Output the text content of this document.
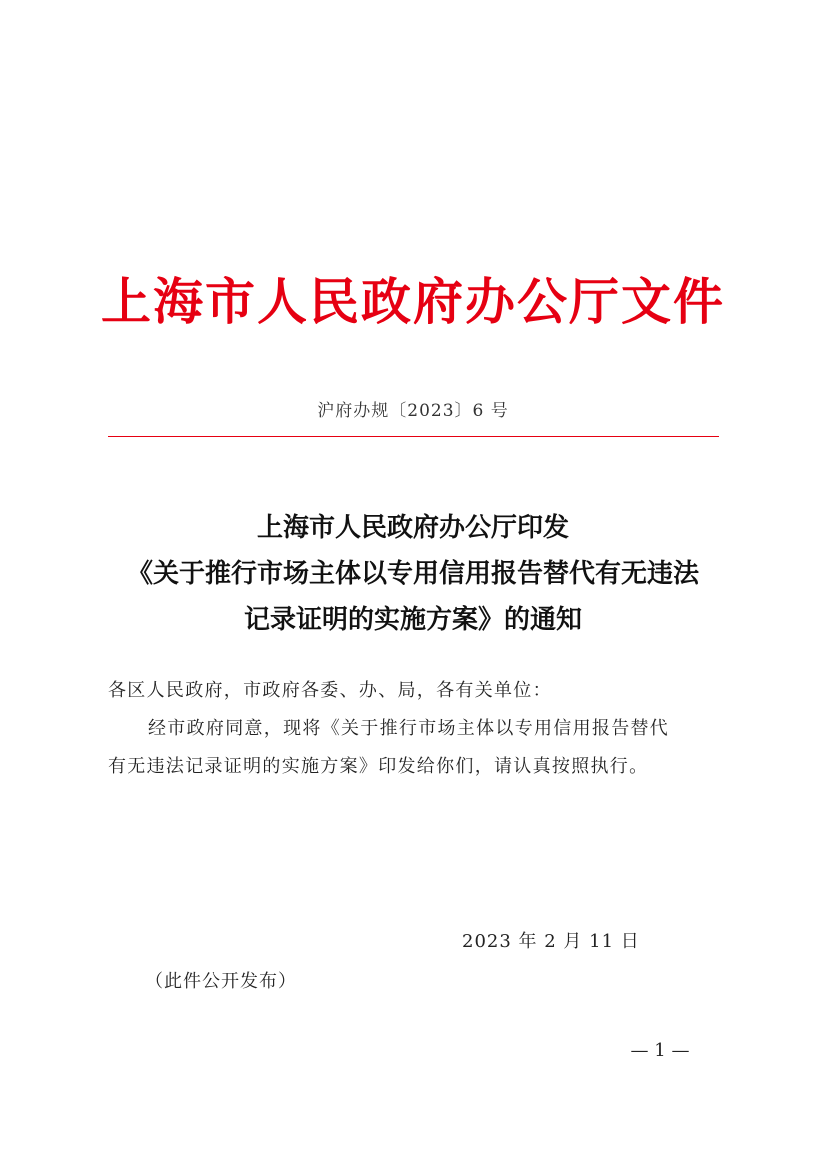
上海市人民政府办公厅文件
沪府办规〔2023〕6 号
上海市人民政府办公厅印发
《关于推行市场主体以专用信用报告替代有无违法
记录证明的实施方案》的通知
各区人民政府，市政府各委、办、局，各有关单位：
经市政府同意，现将《关于推行市场主体以专用信用报告替代
有无违法记录证明的实施方案》印发给你们，请认真按照执行。
2023 年 2 月 11 日
（此件公开发布）
— 1 —
